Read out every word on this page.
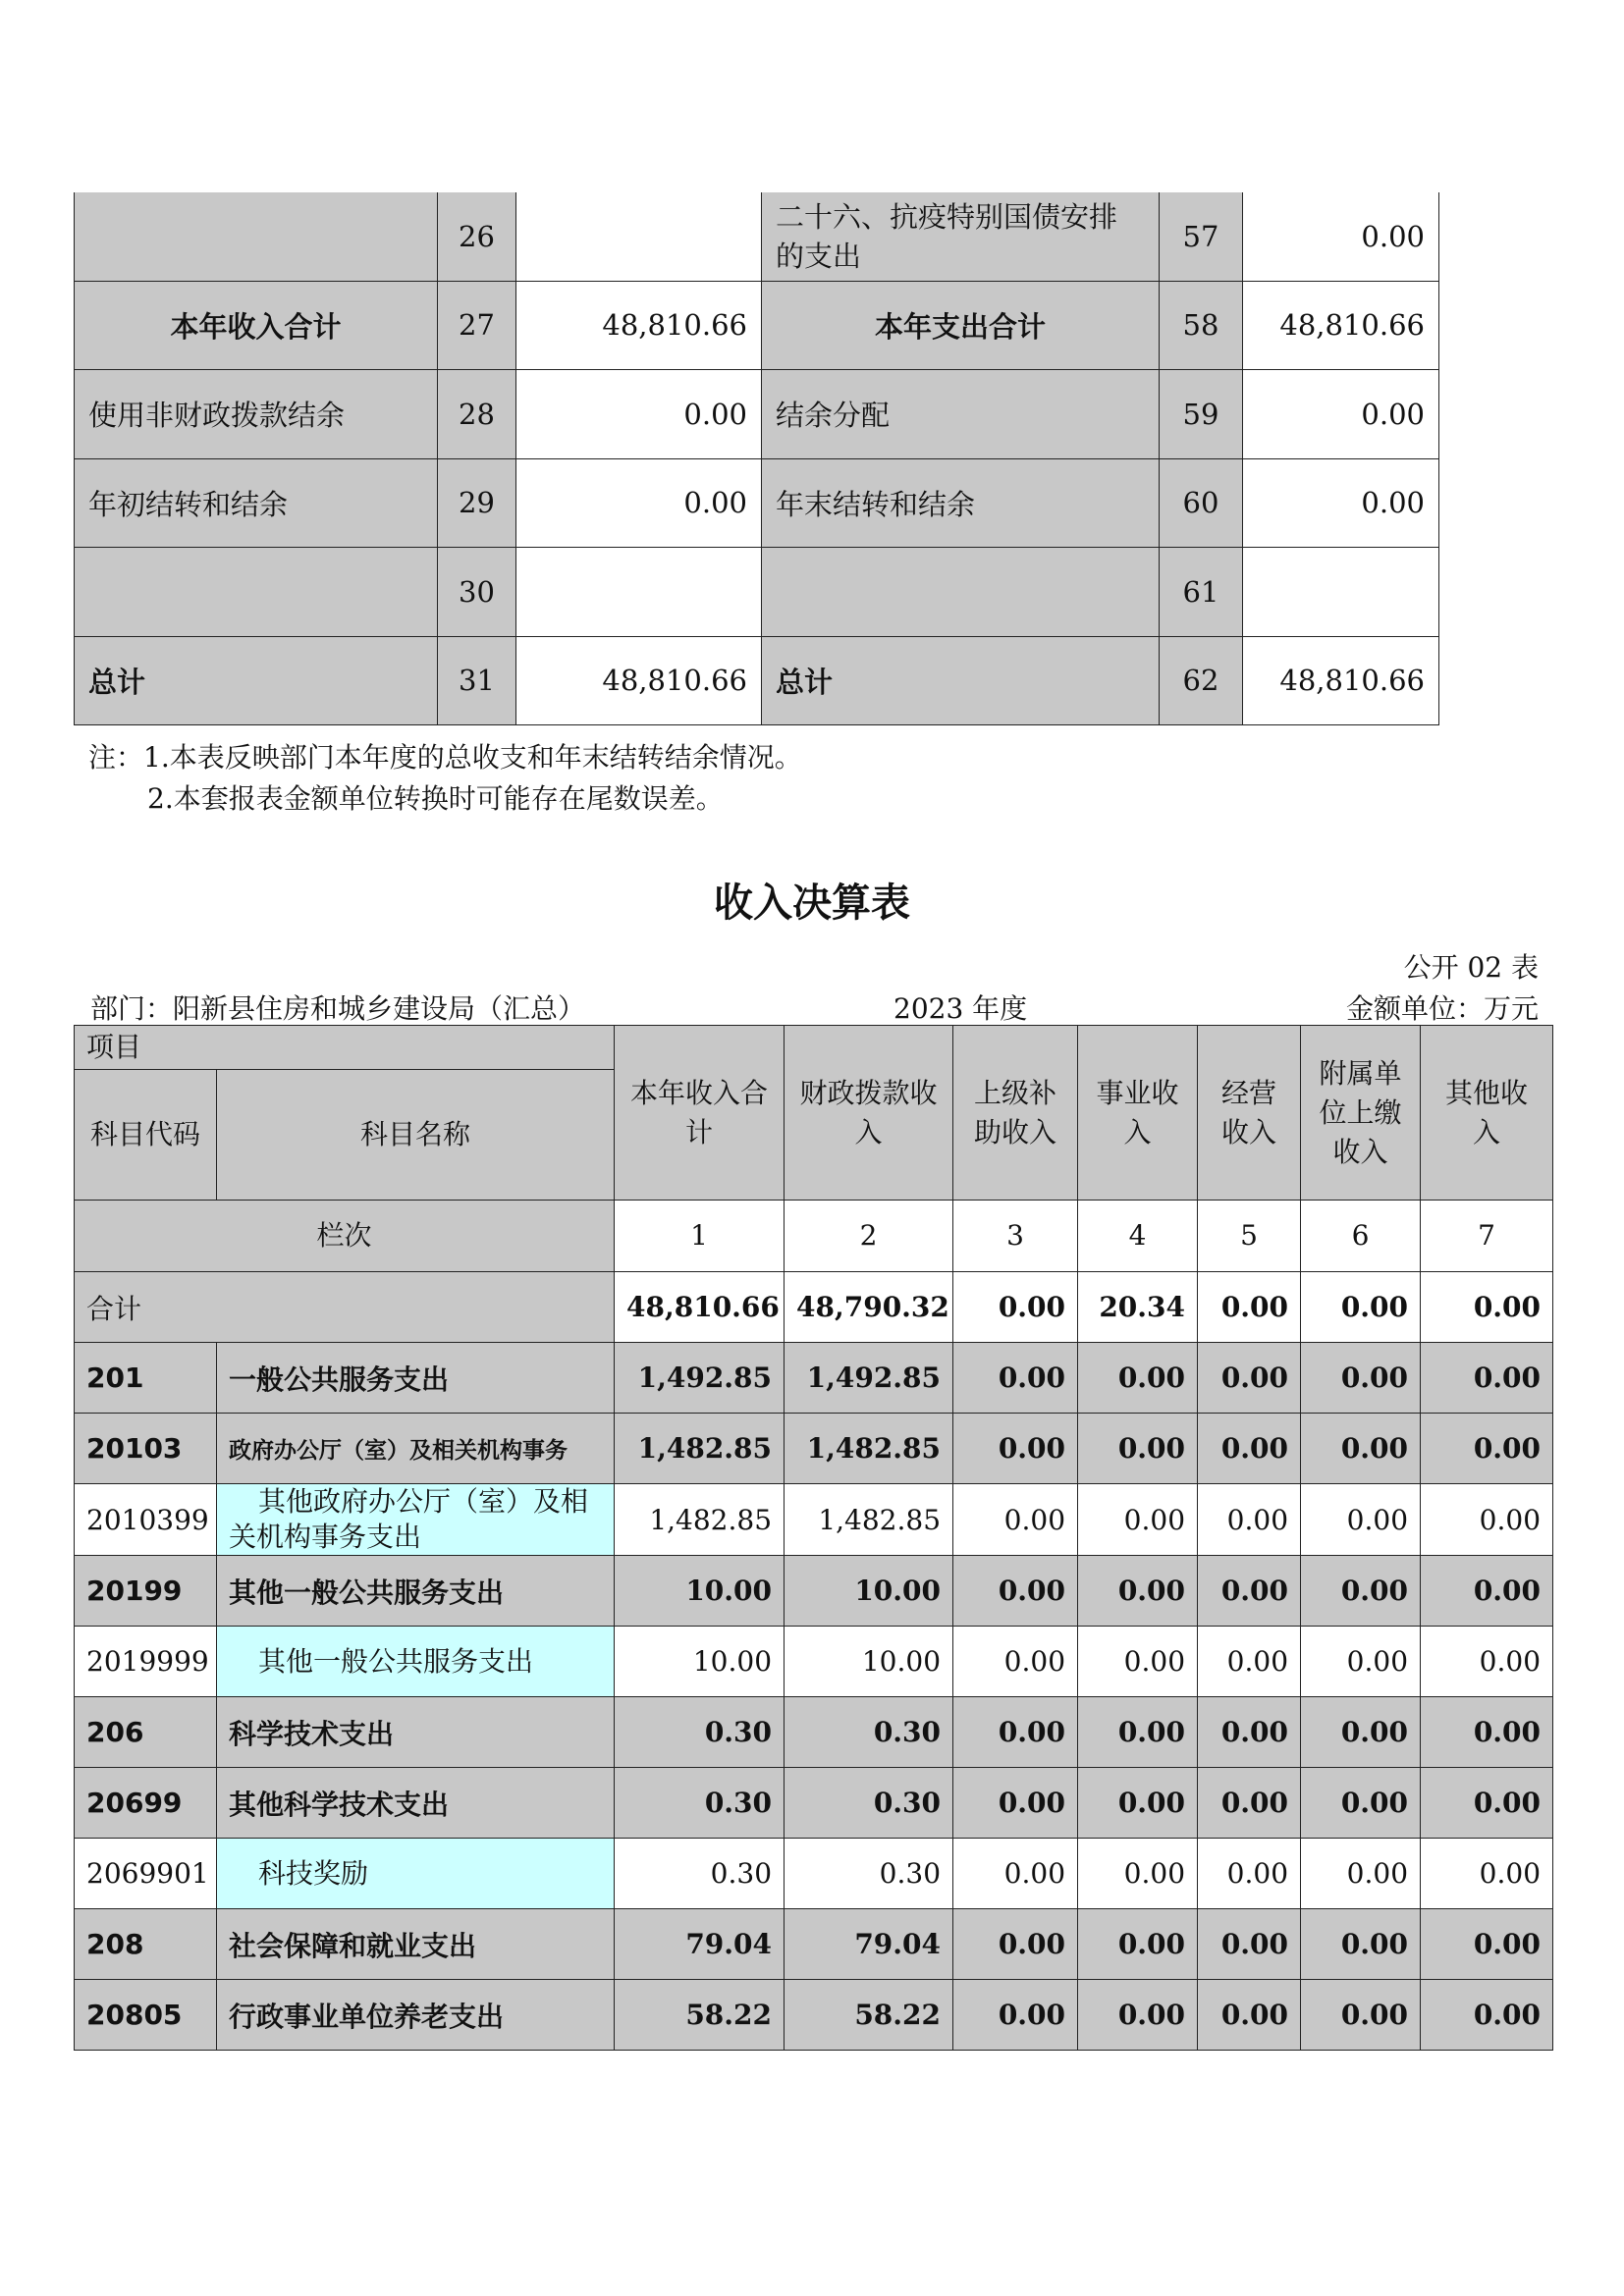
	26		二十六、抗疫特别国债安排的支出	57	0.00
本年收入合计	27	48,810.66	本年支出合计	58	48,810.66
使用非财政拨款结余	28	0.00	结余分配	59	0.00
年初结转和结余	29	0.00	年末结转和结余	60	0.00
	30			61	
总计	31	48,810.66	总计	62	48,810.66
注：1.本表反映部门本年度的总收支和年末结转结余情况。
2.本套报表金额单位转换时可能存在尾数误差。
收入决算表
公开 02 表
部门：阳新县住房和城乡建设局（汇总）	2023 年度	金额单位：万元
项目		本年收入合计	财政拨款收入	上级补助收入	事业收入	经营收入	附属单位上缴收入	其他收入
科目代码	科目名称							
栏次		1	2	3	4	5	6	7
合计		48,810.66	48,790.32	0.00	20.34	0.00	0.00	0.00
201	一般公共服务支出	1,492.85	1,492.85	0.00	0.00	0.00	0.00	0.00
20103	政府办公厅（室）及相关机构事务	1,482.85	1,482.85	0.00	0.00	0.00	0.00	0.00
2010399	其他政府办公厅（室）及相关机构事务支出	1,482.85	1,482.85	0.00	0.00	0.00	0.00	0.00
20199	其他一般公共服务支出	10.00	10.00	0.00	0.00	0.00	0.00	0.00
2019999	其他一般公共服务支出	10.00	10.00	0.00	0.00	0.00	0.00	0.00
206	科学技术支出	0.30	0.30	0.00	0.00	0.00	0.00	0.00
20699	其他科学技术支出	0.30	0.30	0.00	0.00	0.00	0.00	0.00
2069901	科技奖励	0.30	0.30	0.00	0.00	0.00	0.00	0.00
208	社会保障和就业支出	79.04	79.04	0.00	0.00	0.00	0.00	0.00
20805	行政事业单位养老支出	58.22	58.22	0.00	0.00	0.00	0.00	0.00
